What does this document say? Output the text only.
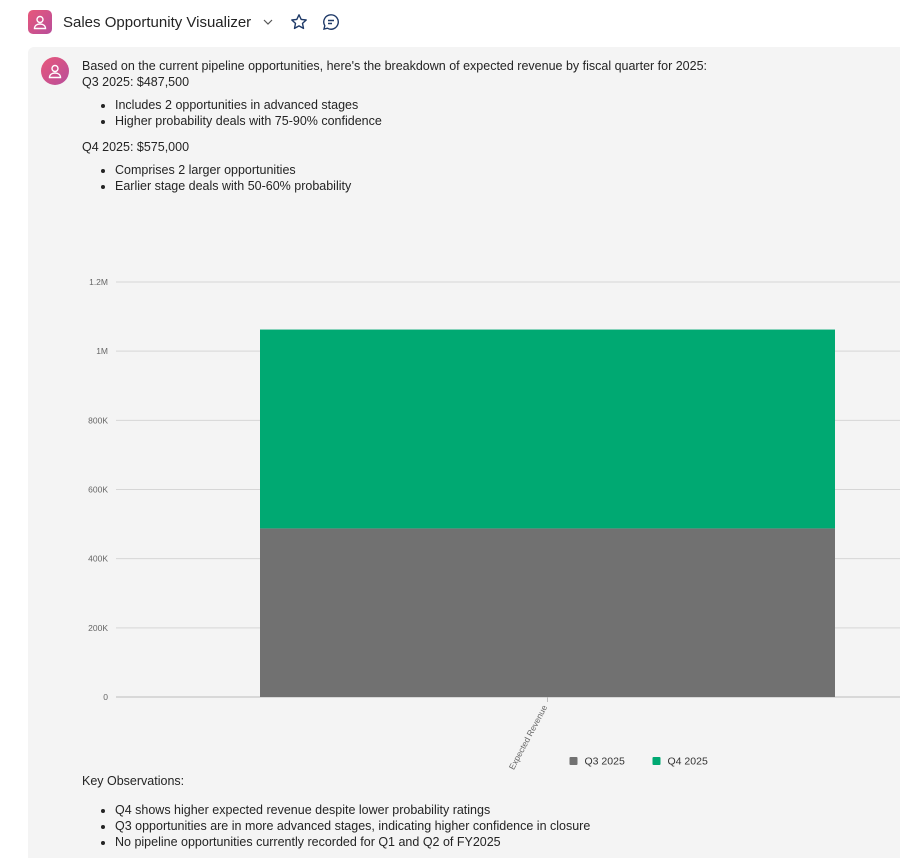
Sales Opportunity Visualizer

Based on the current pipeline opportunities, here's the breakdown of expected revenue by fiscal quarter for 2025:

Q3 2025: $487,500

• Includes 2 opportunities in advanced stages
• Higher probability deals with 75-90% confidence

Q4 2025: $575,000

• Comprises 2 larger opportunities
• Earlier stage deals with 50-60% probability
0
200K
400K
600K
800K
1M
1.2M
Expected Revenue	Q3 2025	Q4 2025

Key Observations:

• Q4 shows higher expected revenue despite lower probability ratings
• Q3 opportunities are in more advanced stages, indicating higher confidence in closure
• No pipeline opportunities currently recorded for Q1 and Q2 of FY2025
